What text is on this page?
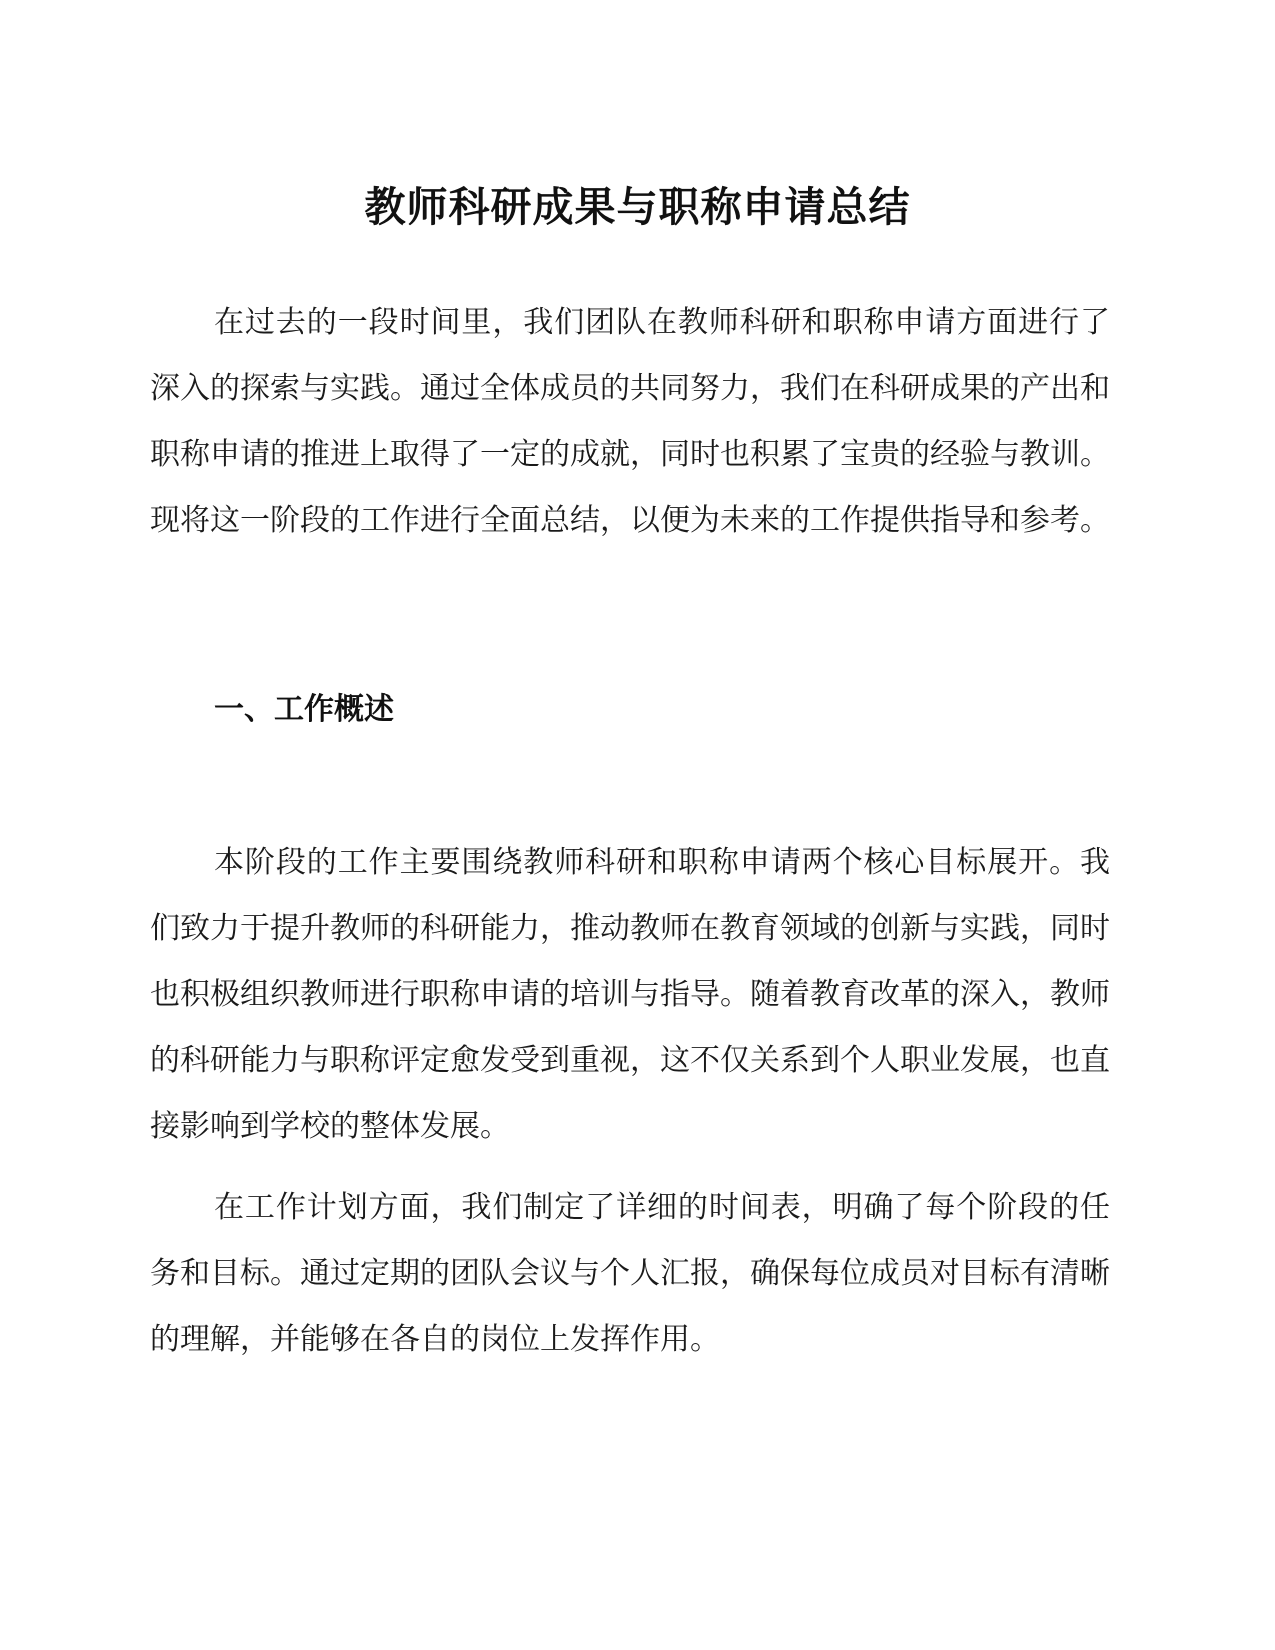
教师科研成果与职称申请总结

在过去的一段时间里，我们团队在教师科研和职称申请方面进行了深入的探索与实践。通过全体成员的共同努力，我们在科研成果的产出和职称申请的推进上取得了一定的成就，同时也积累了宝贵的经验与教训。现将这一阶段的工作进行全面总结，以便为未来的工作提供指导和参考。

一、工作概述

本阶段的工作主要围绕教师科研和职称申请两个核心目标展开。我们致力于提升教师的科研能力，推动教师在教育领域的创新与实践，同时也积极组织教师进行职称申请的培训与指导。随着教育改革的深入，教师的科研能力与职称评定愈发受到重视，这不仅关系到个人职业发展，也直接影响到学校的整体发展。

在工作计划方面，我们制定了详细的时间表，明确了每个阶段的任务和目标。通过定期的团队会议与个人汇报，确保每位成员对目标有清晰的理解，并能够在各自的岗位上发挥作用。
